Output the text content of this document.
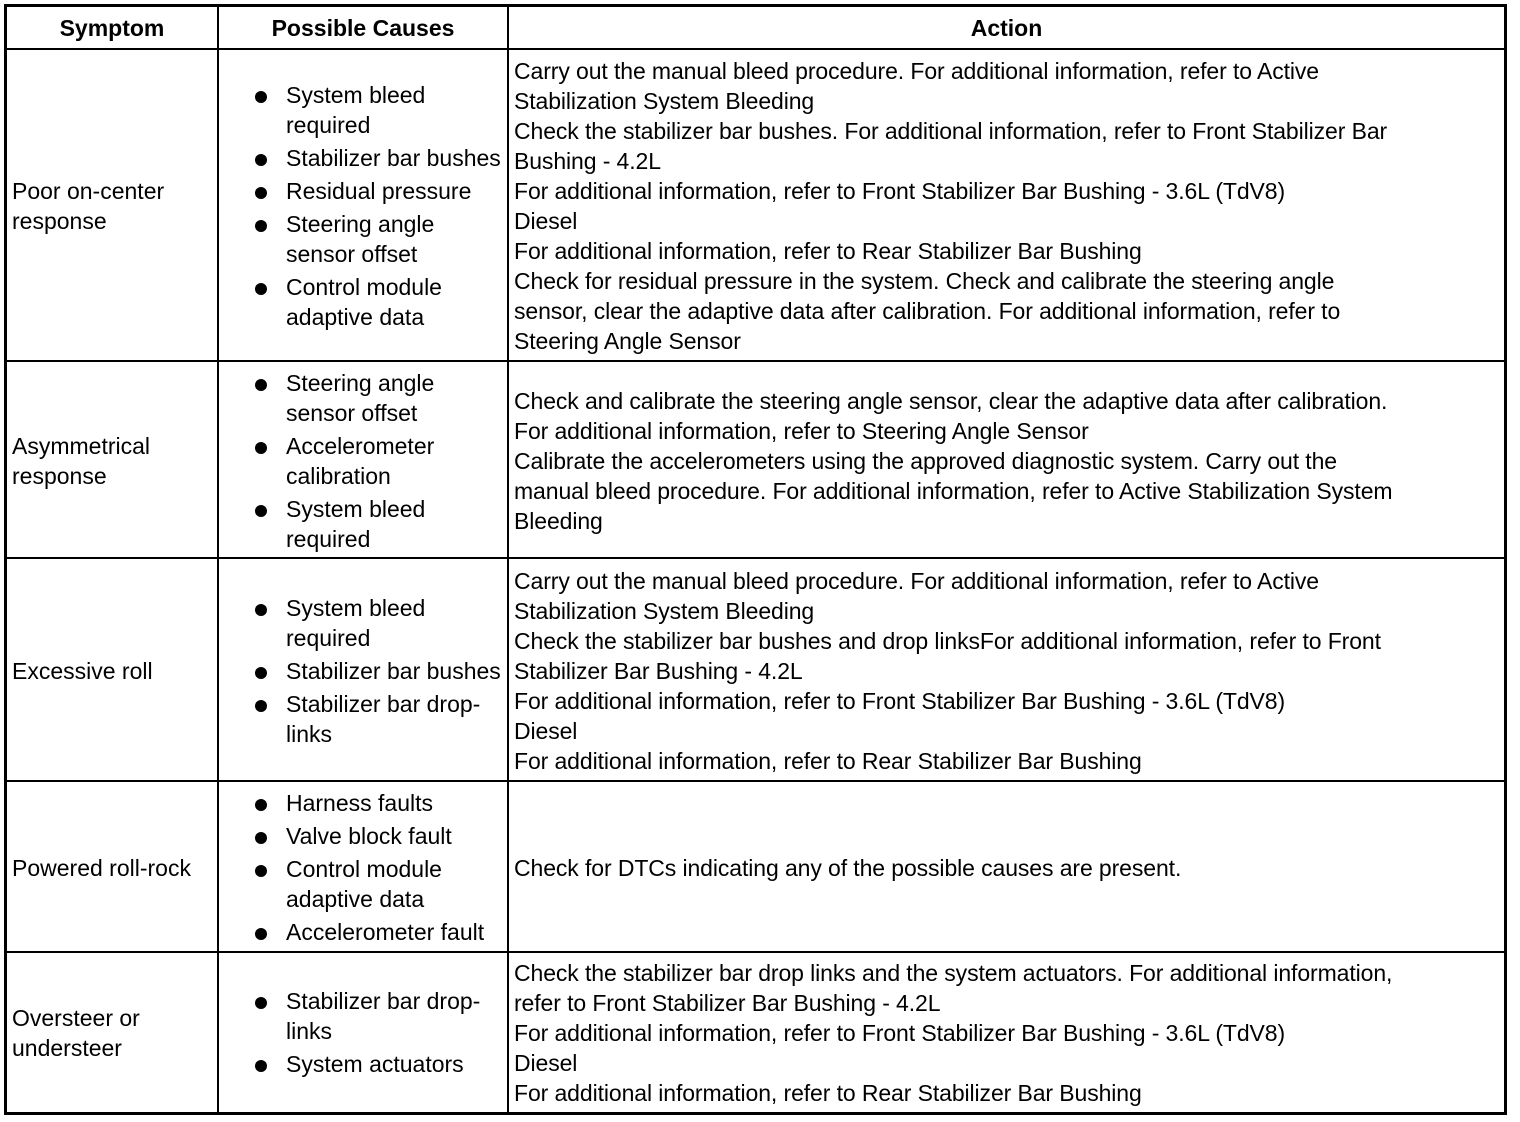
Symptom	Possible Causes	Action
Poor on-center
response
System bleed required
Stabilizer bar bushes
Residual pressure
Steering angle sensor offset
Control module adaptive data
Carry out the manual bleed procedure. For additional information, refer to Active
Stabilization System Bleeding
Check the stabilizer bar bushes. For additional information, refer to Front Stabilizer Bar
Bushing - 4.2L
For additional information, refer to Front Stabilizer Bar Bushing - 3.6L (TdV8)
Diesel
For additional information, refer to Rear Stabilizer Bar Bushing
Check for residual pressure in the system. Check and calibrate the steering angle
sensor, clear the adaptive data after calibration. For additional information, refer to
Steering Angle Sensor
Asymmetrical
response
Steering angle sensor offset
Accelerometer calibration
System bleed required
Check and calibrate the steering angle sensor, clear the adaptive data after calibration.
For additional information, refer to Steering Angle Sensor
Calibrate the accelerometers using the approved diagnostic system. Carry out the
manual bleed procedure. For additional information, refer to Active Stabilization System
Bleeding
Excessive roll
System bleed required
Stabilizer bar bushes
Stabilizer bar drop-links
Carry out the manual bleed procedure. For additional information, refer to Active
Stabilization System Bleeding
Check the stabilizer bar bushes and drop linksFor additional information, refer to Front
Stabilizer Bar Bushing - 4.2L
For additional information, refer to Front Stabilizer Bar Bushing - 3.6L (TdV8)
Diesel
For additional information, refer to Rear Stabilizer Bar Bushing
Powered roll-rock
Harness faults
Valve block fault
Control module adaptive data
Accelerometer fault
Check for DTCs indicating any of the possible causes are present.
Oversteer or
understeer
Stabilizer bar drop-links
System actuators
Check the stabilizer bar drop links and the system actuators. For additional information,
refer to Front Stabilizer Bar Bushing - 4.2L
For additional information, refer to Front Stabilizer Bar Bushing - 3.6L (TdV8)
Diesel
For additional information, refer to Rear Stabilizer Bar Bushing
